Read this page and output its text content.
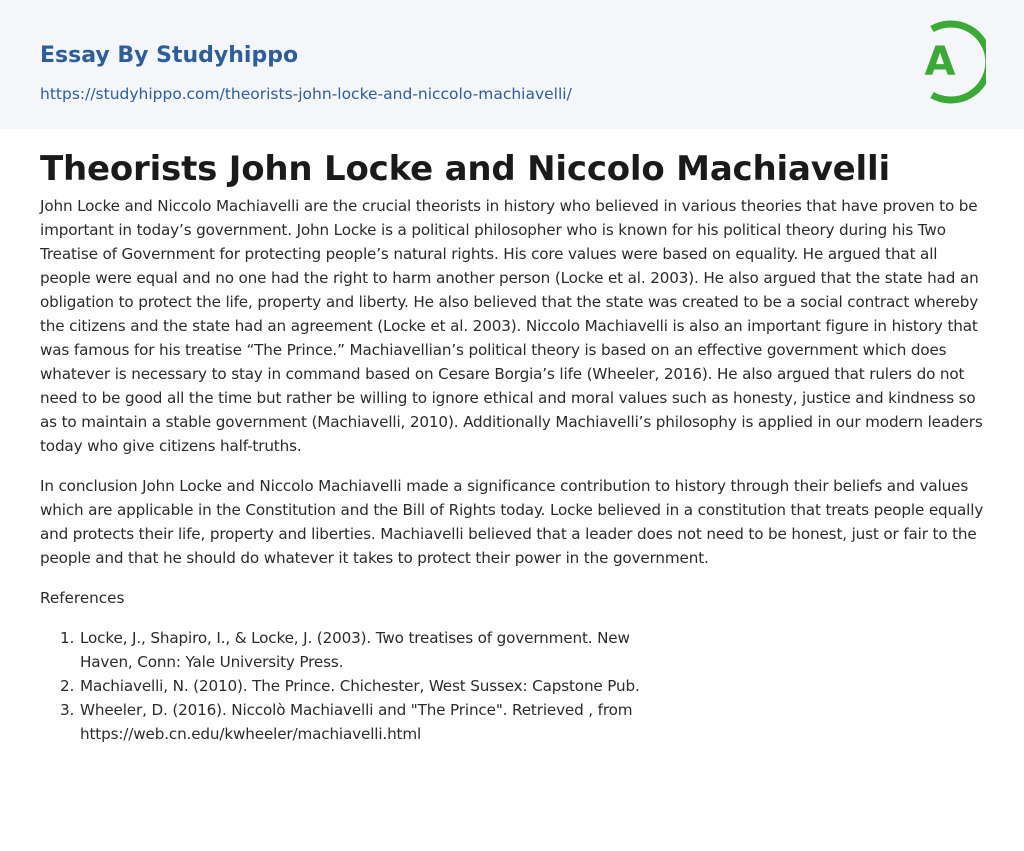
Essay By Studyhippo
https://studyhippo.com/theorists-john-locke-and-niccolo-machiavelli/
A
Theorists John Locke and Niccolo Machiavelli

John Locke and Niccolo Machiavelli are the crucial theorists in history who believed in various theories that have proven to be important in today’s government. John Locke is a political philosopher who is known for his political theory during his Two Treatise of Government for protecting people’s natural rights. His core values were based on equality. He argued that all people were equal and no one had the right to harm another person (Locke et al. 2003). He also argued that the state had an obligation to protect the life, property and liberty. He also believed that the state was created to be a social contract whereby the citizens and the state had an agreement (Locke et al. 2003). Niccolo Machiavelli is also an important figure in history that was famous for his treatise “The Prince.” Machiavellian’s political theory is based on an effective government which does whatever is necessary to stay in command based on Cesare Borgia’s life (Wheeler, 2016). He also argued that rulers do not need to be good all the time but rather be willing to ignore ethical and moral values such as honesty, justice and kindness so as to maintain a stable government (Machiavelli, 2010). Additionally Machiavelli’s philosophy is applied in our modern leaders today who give citizens half-truths.

In conclusion John Locke and Niccolo Machiavelli made a significance contribution to history through their beliefs and values which are applicable in the Constitution and the Bill of Rights today. Locke believed in a constitution that treats people equally and protects their life, property and liberties. Machiavelli believed that a leader does not need to be honest, just or fair to the people and that he should do whatever it takes to protect their power in the government.

References
1. Locke, J., Shapiro, I., & Locke, J. (2003). Two treatises of government. New Haven, Conn: Yale University Press.
2. Machiavelli, N. (2010). The Prince. Chichester, West Sussex: Capstone Pub.
3. Wheeler, D. (2016). Niccolò Machiavelli and "The Prince". Retrieved , from https://web.cn.edu/kwheeler/machiavelli.html
